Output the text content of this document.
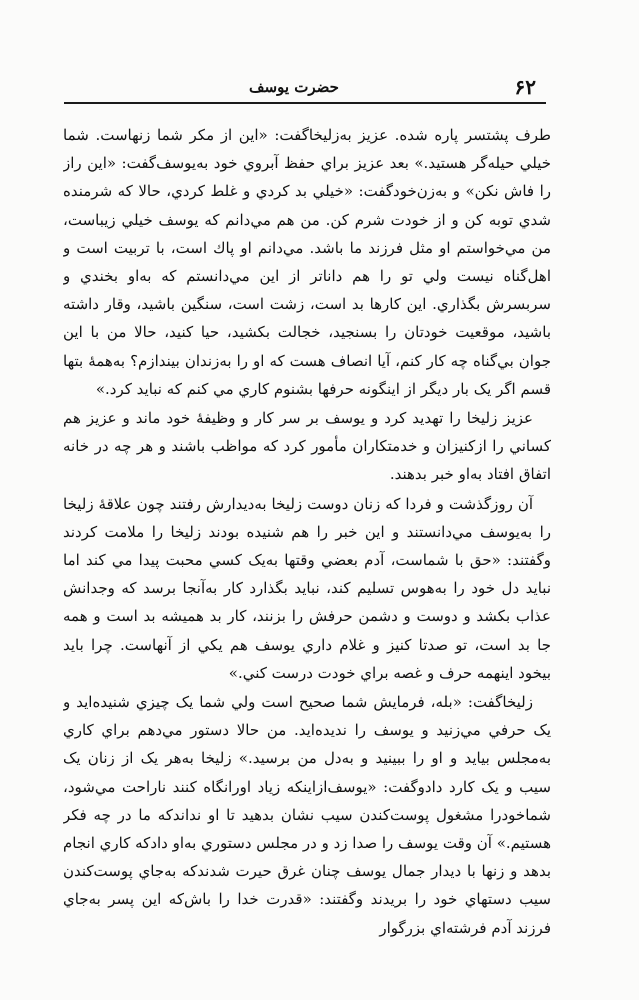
۶۲
حضرت يوسف

طرف پشتسر پاره شده. عزيز به‌زليخاگفت: «اين از مكر شما زنهاست. شما خيلي حيله‌گر هستيد.» بعد عزيز براي حفظ آبروي خود به‌يوسف‌گفت: «اين راز را فاش نكن» و به‌زن‌خودگفت: «خيلي بد كردي و غلط كردي، حالا كه شرمنده شدي توبه كن و از خودت شرم كن. من هم مي‌دانم كه يوسف خيلي زيباست، من مي‌خواستم او مثل فرزند ما باشد. مي‌دانم او پاك است، با تربيت است و اهل‌گناه نيست ولي تو را هم داناتر از اين مي‌دانستم كه به‌او بخندي و سربسرش بگذاري. اين كارها بد است، زشت است، سنگين باشيد، وقار داشته باشيد، موقعيت خودتان را بسنجيد، خجالت بكشيد، حيا كنيد، حالا من با اين جوان بي‌گناه چه كار كنم، آيا انصاف هست كه او را به‌زندان بيندازم؟ به‌همهٔ بتها قسم اگر يک بار ديگر از اينگونه حرفها بشنوم كاري مي كنم كه نبايد كرد.»

عزيز زليخا را تهديد كرد و يوسف بر سر كار و وظيفهٔ خود ماند و عزيز هم كساني را ازكنيزان و خدمتكاران مأمور كرد كه مواظب باشند و هر چه در خانه اتفاق افتاد به‌او خبر بدهند.

آن روزگذشت و فردا كه زنان دوست زليخا به‌ديدارش رفتند چون علاقهٔ زليخا را به‌يوسف مي‌دانستند و اين خبر را هم شنيده بودند زليخا را ملامت كردند وگفتند: «حق با شماست، آدم بعضي وقتها به‌يک كسي محبت پيدا مي كند اما نبايد دل خود را به‌هوس تسليم كند، نبايد بگذارد كار به‌آنجا برسد كه وجدانش عذاب بكشد و دوست و دشمن حرفش را بزنند، كار بد هميشه بد است و همه جا بد است، تو صدتا كنيز و غلام داري يوسف هم يكي از آنهاست. چرا بايد بيخود اينهمه حرف و غصه براي خودت درست كني.»

زليخاگفت: «بله، فرمايش شما صحيح است ولي شما يک چيزي شنيده‌ايد و يک حرفي مي‌زنيد و يوسف را نديده‌ايد. من حالا دستور مي‌دهم براي كاري به‌مجلس بيايد و او را ببينيد و به‌دل من برسيد.» زليخا به‌هر يک از زنان يک سيب و يک كارد دادوگفت: «يوسف‌ازاينكه زياد اورانگاه كنند ناراحت مي‌شود، شماخودرا مشغول پوست‌كندن سيب نشان بدهيد تا او نداندكه ما در چه فكر هستيم.» آن وقت يوسف را صدا زد و در مجلس دستوري به‌او دادكه كاري انجام بدهد و زنها با ديدار جمال يوسف چنان غرق حيرت شدندكه به‌جاي پوست‌كندن سيب دستهاي خود را بريدند وگفتند: «قدرت خدا را باش‌كه اين پسر به‌جاي فرزند آدم فرشته‌اي بزرگوار
